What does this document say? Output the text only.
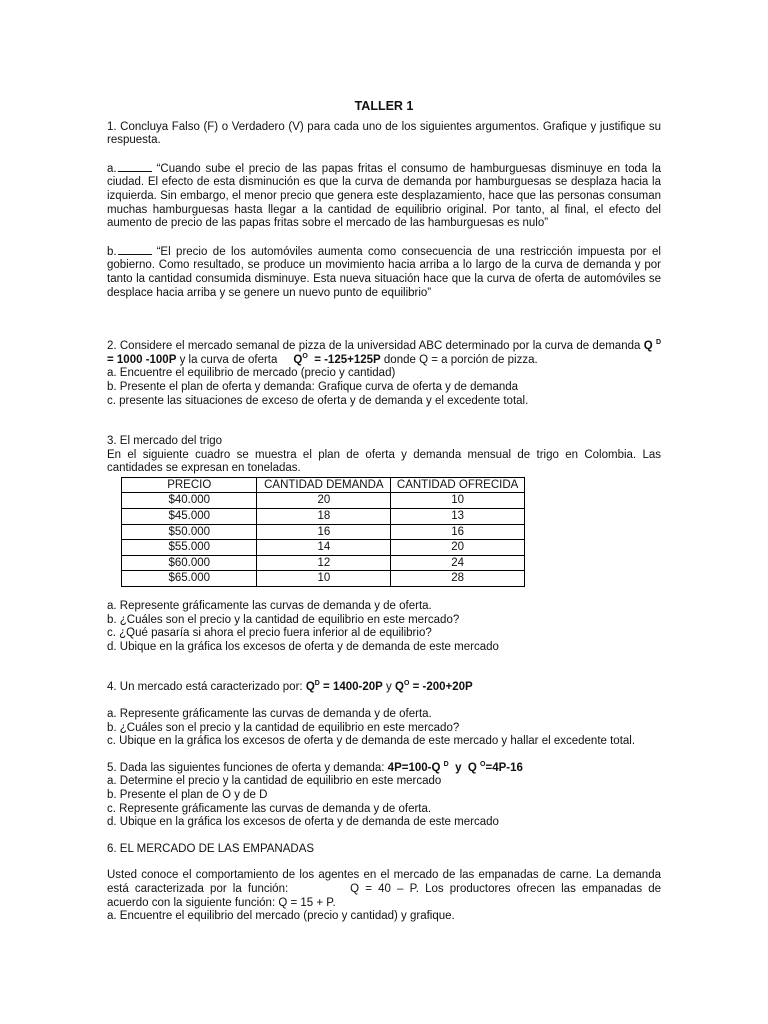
TALLER 1

1. Concluya Falso (F) o Verdadero (V) para cada uno de los siguientes argumentos. Grafique y justifique su respuesta.

a.	“Cuando sube el precio de las papas fritas el consumo de hamburguesas disminuye en toda la ciudad. El efecto de esta disminución es que la curva de demanda por hamburguesas se desplaza hacia la izquierda. Sin embargo, el menor precio que genera este desplazamiento, hace que las personas consuman muchas hamburguesas hasta llegar a la cantidad de equilibrio original. Por tanto, al final, el efecto del aumento de precio de las papas fritas sobre el mercado de las hamburguesas es nulo”

b.	“El precio de los automóviles aumenta como consecuencia de una restricción impuesta por el gobierno. Como resultado, se produce un movimiento hacia arriba a lo largo de la curva de demanda y por tanto la cantidad consumida disminuye. Esta nueva situación hace que la curva de oferta de automóviles se desplace hacia arriba y se genere un nuevo punto de equilibrio”

2. Considere el mercado semanal de pizza de la universidad ABC determinado por la curva de demanda Q $^D$ = 1000 -100P y la curva de oferta $Q^O = -125+125P$ donde Q = a porción de pizza.

a. Encuentre el equilibrio de mercado (precio y cantidad)
b. Presente el plan de oferta y demanda: Grafique curva de oferta y de demanda
c. presente las situaciones de exceso de oferta y de demanda y el excedente total.
3. El mercado del trigo

En el siguiente cuadro se muestra el plan de oferta y demanda mensual de trigo en Colombia. Las cantidades se expresan en toneladas.

PRECIO	CANTIDAD DEMANDA	CANTIDAD OFRECIDA
$40.000	20	10
$45.000	18	13
$50.000	16	16
$55.000	14	20
$60.000	12	24
$65.000	10	28
a. Represente gráficamente las curvas de demanda y de oferta.
b. ¿Cuáles son el precio y la cantidad de equilibrio en este mercado?
c. ¿Qué pasaría si ahora el precio fuera inferior al de equilibrio?
d. Ubique en la gráfica los excesos de oferta y de demanda de este mercado
4. Un mercado está caracterizado por: $Q^D = 1400-20P$ y $Q^O = -200+20P$
a. Represente gráficamente las curvas de demanda y de oferta.
b. ¿Cuáles son el precio y la cantidad de equilibrio en este mercado?
c. Ubique en la gráfica los excesos de oferta y de demanda de este mercado y hallar el excedente total.
5. Dada las siguientes funciones de oferta y demanda: 4P=100-Q $^D$ y Q $^O$=4P-16
a. Determine el precio y la cantidad de equilibrio en este mercado
b. Presente el plan de O y de D
c. Represente gráficamente las curvas de demanda y de oferta.
d. Ubique en la gráfica los excesos de oferta y de demanda de este mercado
6. EL MERCADO DE LAS EMPANADAS

Usted conoce el comportamiento de los agentes en el mercado de las empanadas de carne. La demanda está caracterizada por la función:	Q = 40 – P. Los productores ofrecen las empanadas de acuerdo con la siguiente función: Q = 15 + P.

a. Encuentre el equilibrio del mercado (precio y cantidad) y grafique.
